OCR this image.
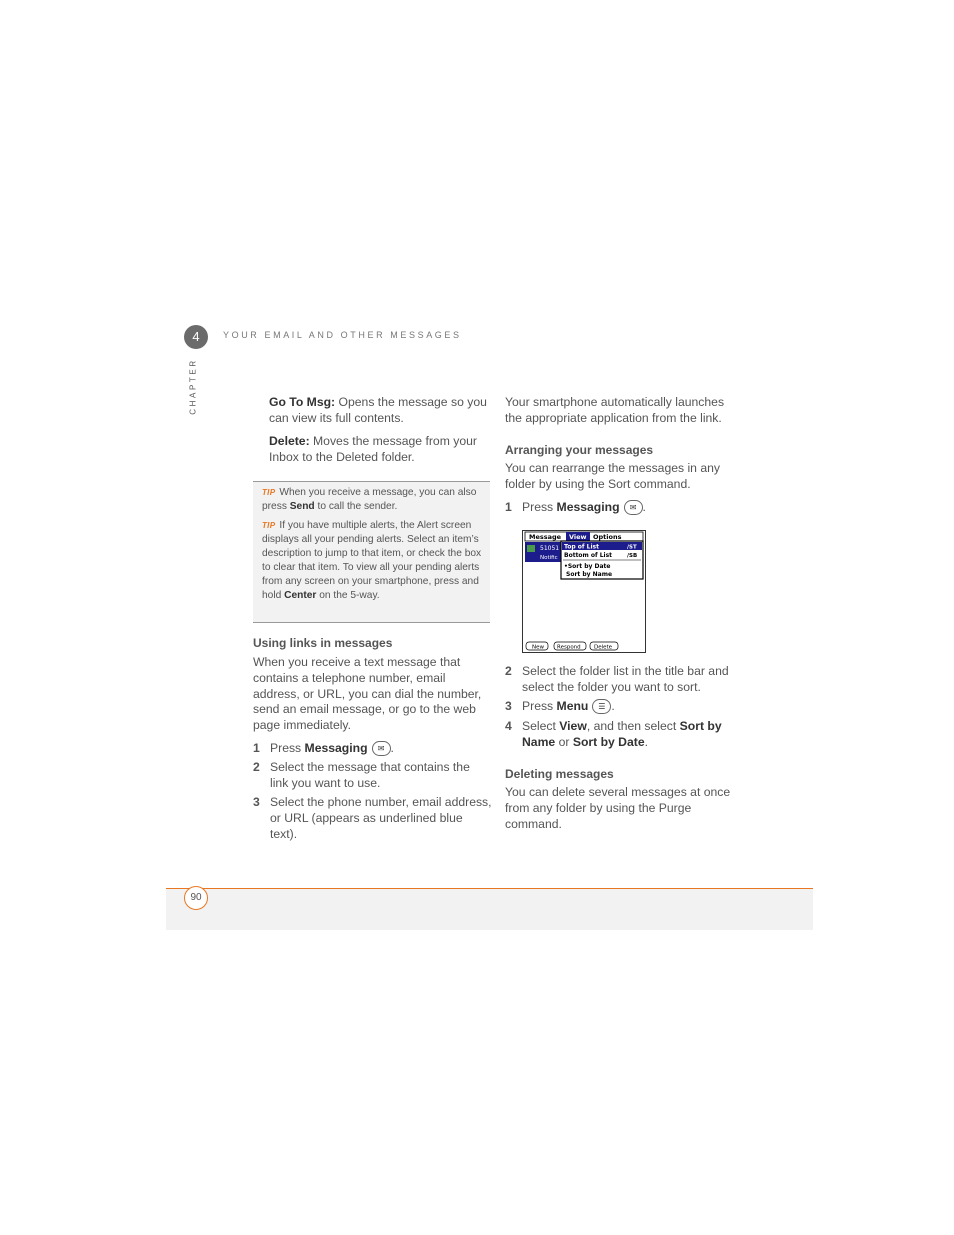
4	YOUR EMAIL AND OTHER MESSAGES
CHAPTER	Go To Msg: Opens the message so you can view its full contents.
Delete: Moves the message from your Inbox to the Deleted folder.
TIP When you receive a message, you can also press Send to call the sender.
TIP If you have multiple alerts, the Alert screen displays all your pending alerts. Select an item’s description to jump to that item, or check the box to clear that item. To view all your pending alerts from any screen on your smartphone, press and hold Center on the 5-way.
Using links in messages
When you receive a text message that contains a telephone number, email address, or URL, you can dial the number, send an email message, or go to the web page immediately.
1 Press Messaging ✉ .
2 Select the message that contains the link you want to use.
3 Select the phone number, email address, or URL (appears as underlined blue text).
Your smartphone automatically launches the appropriate application from the link.
Arranging your messages
You can rearrange the messages in any folder by using the Sort command.
1 Press Messaging ✉ .
Message View Options
51051
Notific
Top of List	/ST
Bottom of List	/SB
•Sort by Date
Sort by Name
New Respond Delete
2 Select the folder list in the title bar and select the folder you want to sort.
3 Press Menu ☰ .
4 Select View, and then select Sort by Name or Sort by Date.
Deleting messages
You can delete several messages at once from any folder by using the Purge command.
90
